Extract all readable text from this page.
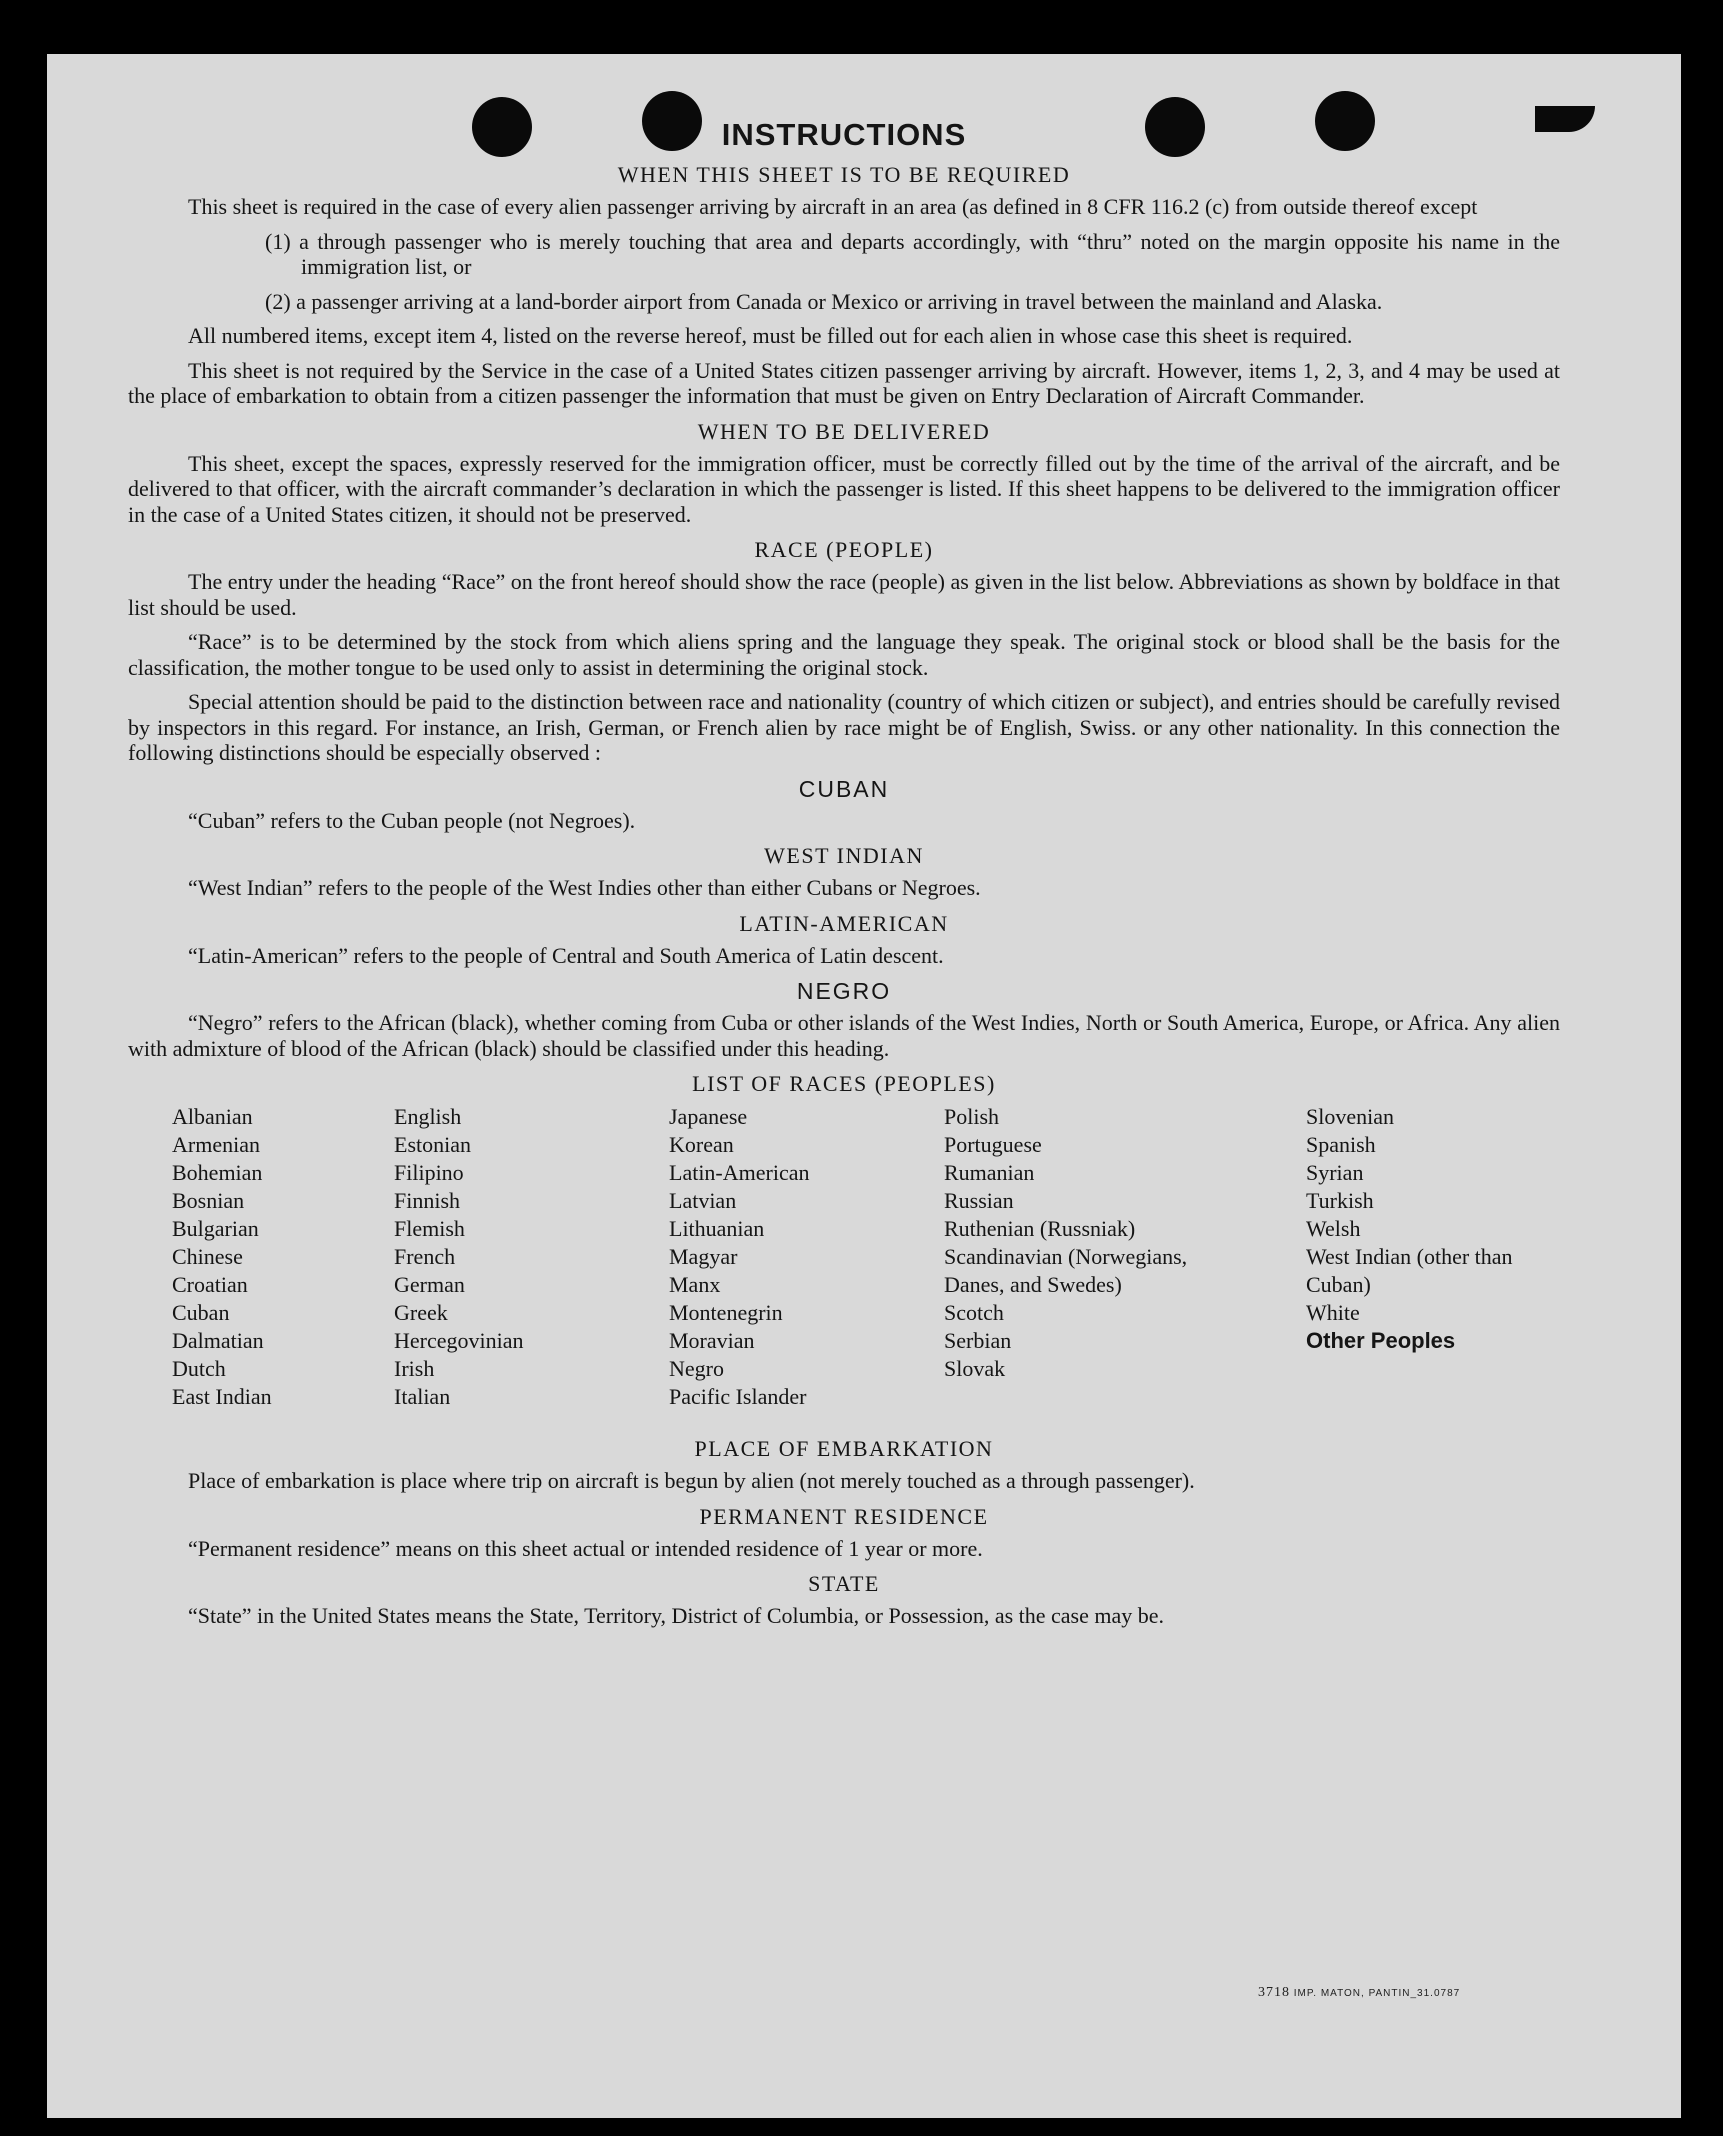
INSTRUCTIONS
WHEN THIS SHEET IS TO BE REQUIRED

This sheet is required in the case of every alien passenger arriving by aircraft in an area (as defined in 8 CFR 116.2 (c) from outside thereof except

(1) a through passenger who is merely touching that area and departs accordingly, with “thru” noted on the margin opposite his name in the immigration list, or
(2) a passenger arriving at a land-border airport from Canada or Mexico or arriving in travel between the mainland and Alaska.

All numbered items, except item 4, listed on the reverse hereof, must be filled out for each alien in whose case this sheet is required.

This sheet is not required by the Service in the case of a United States citizen passenger arriving by aircraft. However, items 1, 2, 3, and 4 may be used at the place of embarkation to obtain from a citizen passenger the information that must be given on Entry Declaration of Aircraft Commander.

WHEN TO BE DELIVERED

This sheet, except the spaces, expressly reserved for the immigration officer, must be correctly filled out by the time of the arrival of the aircraft, and be delivered to that officer, with the aircraft commander’s declaration in which the passenger is listed. If this sheet happens to be delivered to the immigration officer in the case of a United States citizen, it should not be preserved.

RACE (PEOPLE)

The entry under the heading “Race” on the front hereof should show the race (people) as given in the list below. Abbreviations as shown by boldface in that list should be used.

“Race” is to be determined by the stock from which aliens spring and the language they speak. The original stock or blood shall be the basis for the classification, the mother tongue to be used only to assist in determining the original stock.

Special attention should be paid to the distinction between race and nationality (country of which citizen or subject), and entries should be carefully revised by inspectors in this regard. For instance, an Irish, German, or French alien by race might be of English, Swiss. or any other nationality. In this connection the following distinctions should be especially observed :

CUBAN

“Cuban” refers to the Cuban people (not Negroes).

WEST INDIAN

“West Indian” refers to the people of the West Indies other than either Cubans or Negroes.

LATIN-AMERICAN

“Latin-American” refers to the people of Central and South America of Latin descent.

NEGRO

“Negro” refers to the African (black), whether coming from Cuba or other islands of the West Indies, North or South America, Europe, or Africa. Any alien with admixture of blood of the African (black) should be classified under this heading.

LIST OF RACES (PEOPLES)
Albanian
Armenian
Bohemian
Bosnian
Bulgarian
Chinese
Croatian
Cuban
Dalmatian
Dutch
East Indian
English
Estonian
Filipino
Finnish
Flemish
French
German
Greek
Hercegovinian
Irish
Italian
Japanese
Korean
Latin-American
Latvian
Lithuanian
Magyar
Manx
Montenegrin
Moravian
Negro
Pacific Islander
Polish
Portuguese
Rumanian
Russian
Ruthenian (Russniak)
Scandinavian (Norwegians, Danes, and Swedes)
Scotch
Serbian
Slovak
Slovenian
Spanish
Syrian
Turkish
Welsh
West Indian (other than Cuban)
White
Other Peoples
PLACE OF EMBARKATION

Place of embarkation is place where trip on aircraft is begun by alien (not merely touched as a through passenger).

PERMANENT RESIDENCE

“Permanent residence” means on this sheet actual or intended residence of 1 year or more.

STATE

“State” in the United States means the State, Territory, District of Columbia, or Possession, as the case may be.

3718 IMP. MATON, PANTIN_31.0787
